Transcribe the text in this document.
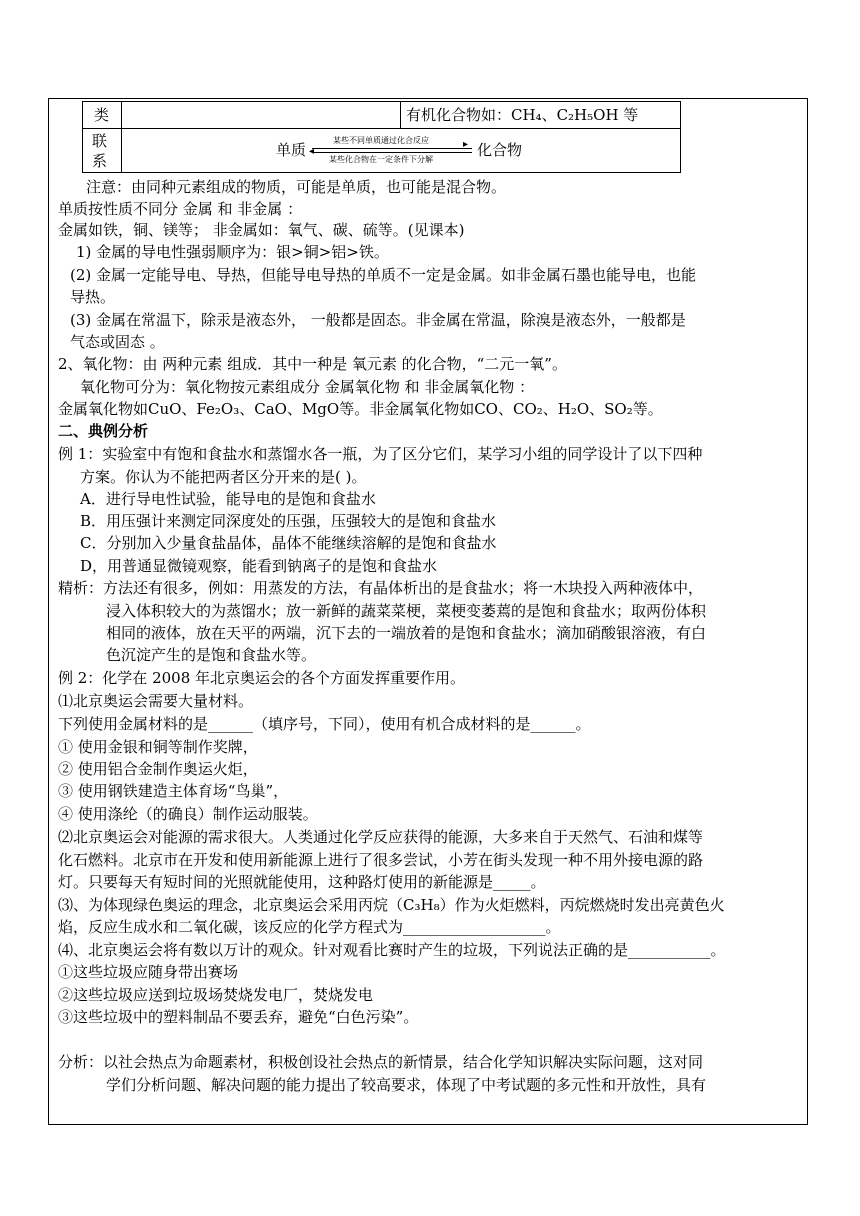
类	有机化合物如：CH₄、C₂H₅OH 等
联
系
单质
某些不同单质通过化合反应	▸
◂
某些化合物在一定条件下分解
化合物
注意：由同种元素组成的物质，可能是单质，也可能是混合物。
单质按性质不同分 金属 和 非金属 ：
金属如铁，铜、镁等； 非金属如：氧气、碳、硫等。(见课本)
1) 金属的导电性强弱顺序为：银>铜>铝>铁。
(2) 金属一定能导电、导热，但能导电导热的单质不一定是金属。如非金属石墨也能导电，也能
导热。
(3) 金属在常温下，除汞是液态外， 一般都是固态。非金属在常温，除溴是液态外，一般都是
气态或固态 。
2、氧化物：由 两种元素 组成．其中一种是 氧元素 的化合物，“二元一氧”。
氧化物可分为：氧化物按元素组成分 金属氧化物 和 非金属氧化物 ：
金属氧化物如CuO、Fe₂O₃、CaO、MgO等。非金属氧化物如CO、CO₂、H₂O、SO₂等。
二、典例分析
例 1：实验室中有饱和食盐水和蒸馏水各一瓶，为了区分它们，某学习小组的同学设计了以下四种
方案。你认为不能把两者区分开来的是( )。
A．进行导电性试验，能导电的是饱和食盐水
B．用压强计来测定同深度处的压强，压强较大的是饱和食盐水
C．分别加入少量食盐晶体，晶体不能继续溶解的是饱和食盐水
D，用普通显微镜观察，能看到钠离子的是饱和食盐水
精析：方法还有很多，例如：用蒸发的方法，有晶体析出的是食盐水；将一木块投入两种液体中，
浸入体积较大的为蒸馏水；放一新鲜的蔬菜菜梗，菜梗变萎蔫的是饱和食盐水；取两份体积
相同的液体，放在天平的两端，沉下去的一端放着的是饱和食盐水；滴加硝酸银溶液，有白
色沉淀产生的是饱和食盐水等。
例 2：化学在 2008 年北京奥运会的各个方面发挥重要作用。
⑴北京奥运会需要大量材料。
下列使用金属材料的是______（填序号，下同），使用有机合成材料的是______。
① 使用金银和铜等制作奖牌，
② 使用铝合金制作奥运火炬，
③ 使用钢铁建造主体育场“鸟巢”，
④ 使用涤纶（的确良）制作运动服装。
⑵北京奥运会对能源的需求很大。人类通过化学反应获得的能源，大多来自于天然气、石油和煤等
化石燃料。北京市在开发和使用新能源上进行了很多尝试，小芳在街头发现一种不用外接电源的路
灯。只要每天有短时间的光照就能使用，这种路灯使用的新能源是_____。
⑶、为体现绿色奥运的理念，北京奥运会采用丙烷（C₃H₈）作为火炬燃料，丙烷燃烧时发出亮黄色火
焰，反应生成水和二氧化碳，该反应的化学方程式为___________________。
⑷、北京奥运会将有数以万计的观众。针对观看比赛时产生的垃圾，下列说法正确的是___________。
①这些垃圾应随身带出赛场
②这些垃圾应送到垃圾场焚烧发电厂，焚烧发电
③这些垃圾中的塑料制品不要丢弃，避免“白色污染”。
分析：以社会热点为命题素材，积极创设社会热点的新情景，结合化学知识解决实际问题，这对同
学们分析问题、解决问题的能力提出了较高要求，体现了中考试题的多元性和开放性，具有
